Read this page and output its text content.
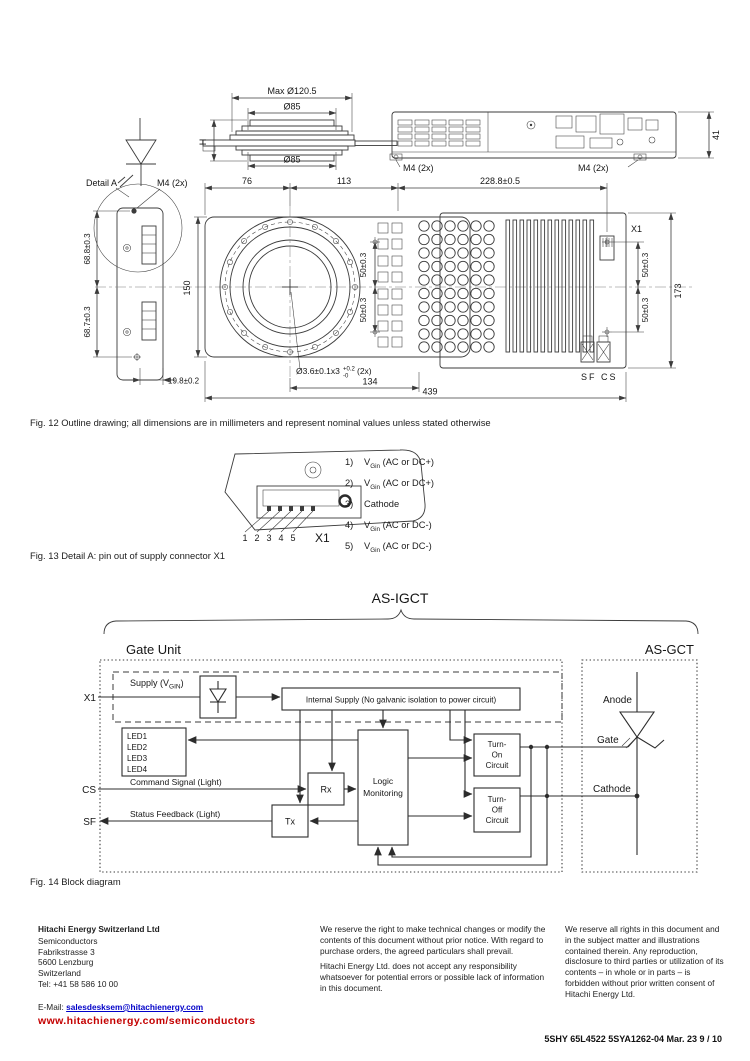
Max Ø120.5
Ø85
H
Ø85
M4 (2x)	M4 (2x)
41
Detail A	M4 (2x)
68.8±0.3
68.7±0.3
19.8±0.2
X1
50±0.3
50±0.3
50±0.3
50±0.3
76	113	228.8±0.5
150	173
Ø3.6±0.1x3 +0.2
-0
(2x)
134
439
SF CS
Fig. 12 Outline drawing; all dimensions are in millimeters and represent nominal values unless stated otherwise
1 2 3 4 5 X1
1) $V_{Gin}$ (AC or DC+)
2) $V_{Gin}$ (AC or DC+)
3) Cathode
4) $V_{Gin}$ (AC or DC-)
5) $V_{Gin}$ (AC or DC-)
Fig. 13 Detail A: pin out of supply connector X1
AS-IGCT
Gate Unit	AS-GCT
Supply $(V_{GIN})$
X1	Internal Supply (No galvanic isolation to power circuit)
LED1
LED2
LED3
LED4
Logic
Monitoring
Rx
Tx
CS
Command Signal (Light)
SF
Status Feedback (Light)
Turn-
On
Circuit
Turn-
Off
Circuit
Anode
Gate
Cathode
Fig. 14 Block diagram
Hitachi Energy Switzerland Ltd
Semiconductors
Fabrikstrasse 3
5600 Lenzburg
Switzerland
Tel: +41 58 586 10 00
E-Mail: salesdesksem@hitachienergy.com
www.hitachienergy.com/semiconductors

We reserve the right to make technical changes or modify the contents of this document without prior notice. With regard to purchase orders, the agreed particulars shall prevail.

Hitachi Energy Ltd. does not accept any responsibility whatsoever for potential errors or possible lack of information in this document.

We reserve all rights in this document and in the subject matter and illustrations contained therein. Any reproduction, disclosure to third parties or utilization of its contents – in whole or in parts – is forbidden without prior written consent of Hitachi Energy Ltd.

5SHY 65L4522 5SYA1262-04 Mar. 23 9 / 10
